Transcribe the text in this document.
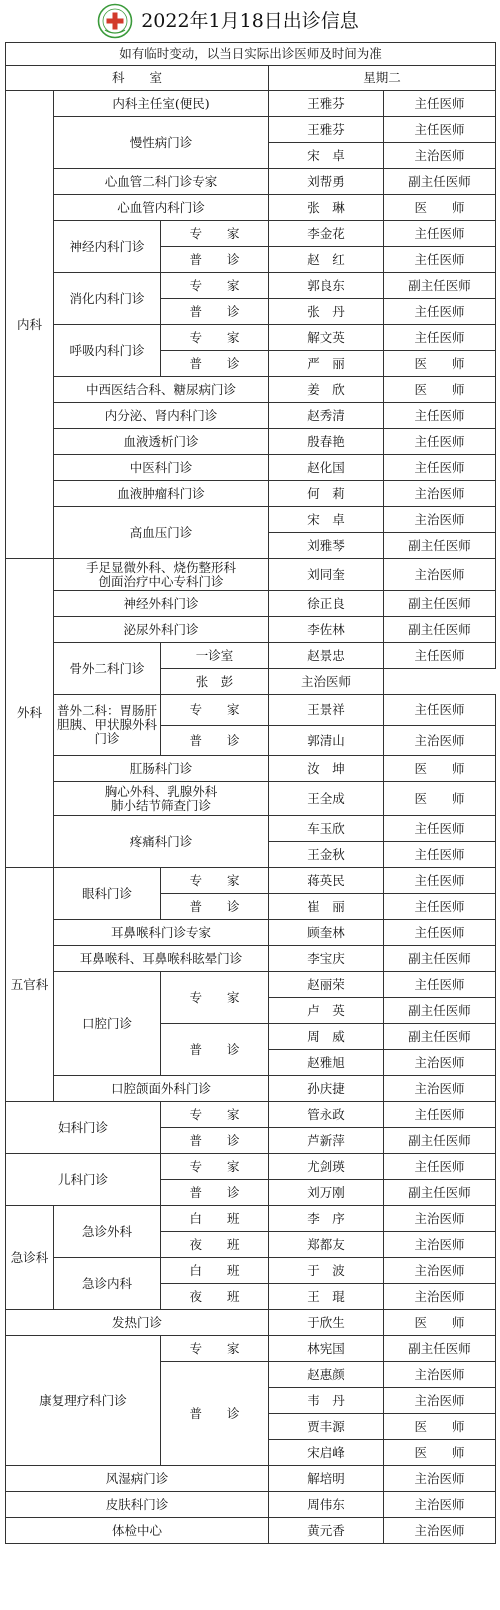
2022年1月18日出诊信息
如有临时变动，以当日实际出诊医师及时间为准				
科　　室			星期二	
内科	内科主任室(便民)		王雅芬	主任医师
	慢性病门诊		王雅芬	主任医师
			宋　卓	主治医师
	心血管二科门诊专家		刘帮勇	副主任医师
	心血管内科门诊		张　琳	医　　师
	神经内科门诊	专　　家	李金花	主任医师
		普　　诊	赵　红	主任医师
	消化内科门诊	专　　家	郭良东	副主任医师
		普　　诊	张　丹	主任医师
	呼吸内科门诊	专　　家	解文英	主任医师
		普　　诊	严　丽	医　　师
	中西医结合科、糖尿病门诊		姜　欣	医　　师
	内分泌、肾内科门诊		赵秀清	主任医师
	血液透析门诊		殷春艳	主任医师
	中医科门诊		赵化国	主任医师
	血液肿瘤科门诊		何　莉	主治医师
	高血压门诊		宋　卓	主治医师
			刘雅琴	副主任医师
外科	手足显微外科、烧伤整形科
创面治疗中心专科门诊		刘同奎	主治医师
	神经外科门诊		徐正良	副主任医师
	泌尿外科门诊		李佐林	副主任医师
	骨外二科门诊	一诊室	赵景忠	主任医师
		张　彭	主治医师	
	普外二科：胃肠肝
胆胰、甲状腺外科
门诊	专　　家	王景祥	主任医师
		普　　诊	郭清山	主治医师
	肛肠科门诊		汝　坤	医　　师
	胸心外科、乳腺外科
肺小结节筛查门诊		王全成	医　　师
	疼痛科门诊		车玉欣	主任医师
			王金秋	主任医师
五官科	眼科门诊	专　　家	蒋英民	主任医师
		普　　诊	崔　丽	主任医师
	耳鼻喉科门诊专家		顾奎林	主任医师
	耳鼻喉科、耳鼻喉科眩晕门诊		李宝庆	副主任医师
	口腔门诊	专　　家	赵丽荣	主任医师
			卢　英	副主任医师
		普　　诊	周　威	副主任医师
			赵雅旭	主治医师
	口腔颌面外科门诊		孙庆捷	主治医师
妇科门诊		专　　家	管永政	主任医师
		普　　诊	芦新萍	副主任医师
儿科门诊		专　　家	尤剑瑛	主任医师
		普　　诊	刘万刚	副主任医师
急诊科	急诊外科	白　　班	李　序	主治医师
		夜　　班	郑都友	主治医师
	急诊内科	白　　班	于　波	主治医师
		夜　　班	王　琨	主治医师
发热门诊			于欣生	医　　师
康复理疗科门诊		专　　家	林宪国	副主任医师
		普　　诊	赵惠颜	主治医师
			韦　丹	主治医师
			贾丰源	医　　师
			宋启峰	医　　师
风湿病门诊			解培明	主治医师
皮肤科门诊			周伟东	主治医师
体检中心			黄元香	主治医师
